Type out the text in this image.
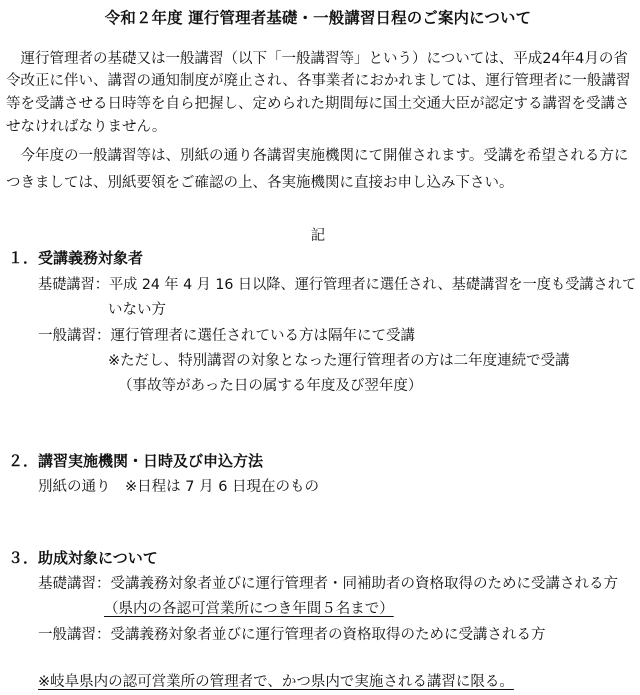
令和２年度 運行管理者基礎・一般講習日程のご案内について
　運行管理者の基礎又は一般講習（以下「一般講習等」という）については、平成24年4月の省
令改正に伴い、講習の通知制度が廃止され、各事業者におかれましては、運行管理者に一般講習
等を受講させる日時等を自ら把握し、定められた期間毎に国土交通大臣が認定する講習を受講さ
せなければなりません。
　今年度の一般講習等は、別紙の通り各講習実施機関にて開催されます。受講を希望される方に
つきましては、別紙要領をご確認の上、各実施機関に直接お申し込み下さい。
記
１．受講義務対象者
基礎講習：平成 24 年 4 月 16 日以降、運行管理者に選任され、基礎講習を一度も受講されて
いない方
一般講習：運行管理者に選任されている方は隔年にて受講
※ただし、特別講習の対象となった運行管理者の方は二年度連続で受講
（事故等があった日の属する年度及び翌年度）
２．講習実施機関・日時及び申込方法
別紙の通り　※日程は 7 月 6 日現在のもの
３．助成対象について
基礎講習：受講義務対象者並びに運行管理者・同補助者の資格取得のために受講される方
（県内の各認可営業所につき年間５名まで）
一般講習：受講義務対象者並びに運行管理者の資格取得のために受講される方
※岐阜県内の認可営業所の管理者で、かつ県内で実施される講習に限る。
